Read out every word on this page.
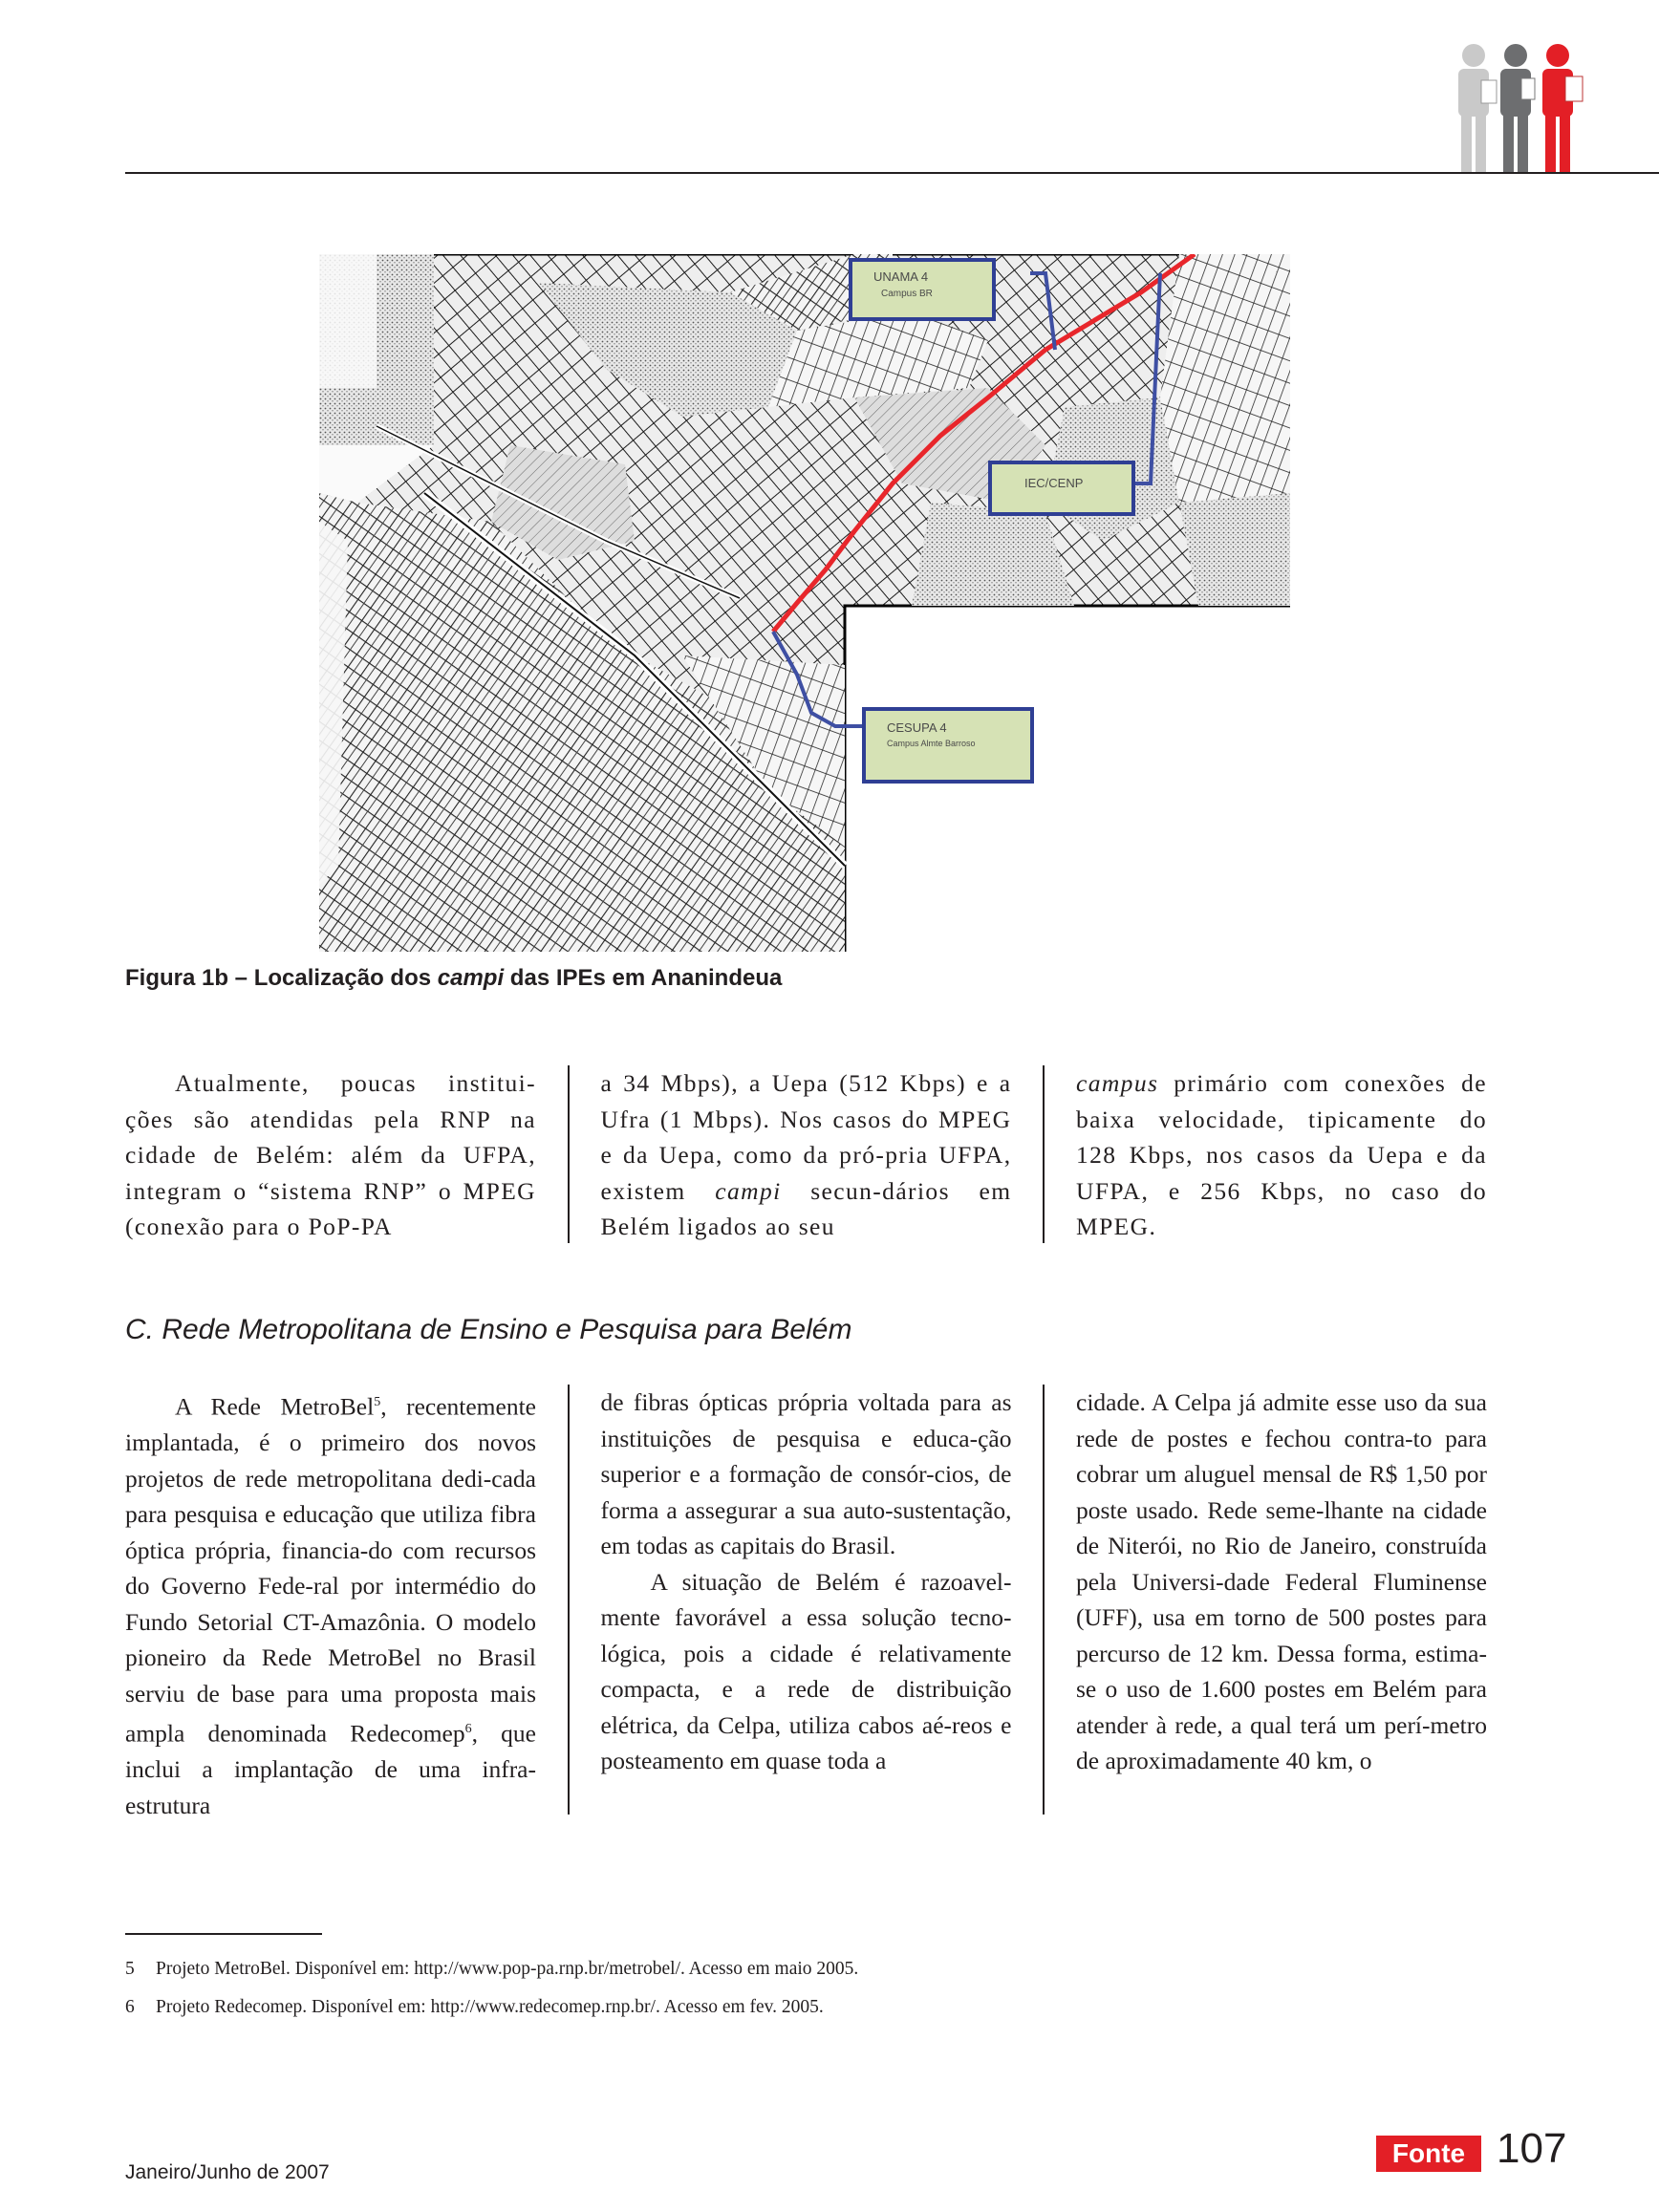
UNAMA 4
Campus BR
IEC/CENP
CESUPA 4
Campus Almte Barroso
Figura 1b – Localização dos campi das IPEs em Ananindeua

Atualmente, poucas institui-ções são atendidas pela RNP na cidade de Belém: além da UFPA, integram o “sistema RNP” o MPEG (conexão para o PoP-PA

a 34 Mbps), a Uepa (512 Kbps) e a Ufra (1 Mbps). Nos casos do MPEG e da Uepa, como da pró-pria UFPA, existem campi secun-dários em Belém ligados ao seu

campus primário com conexões de baixa velocidade, tipicamente do 128 Kbps, nos casos da Uepa e da UFPA, e 256 Kbps, no caso do MPEG.

C. Rede Metropolitana de Ensino e Pesquisa para Belém

A Rede MetroBel$^5$, recentemente implantada, é o primeiro dos novos projetos de rede metropolitana dedi-cada para pesquisa e educação que utiliza fibra óptica própria, financia-do com recursos do Governo Fede-ral por intermédio do Fundo Setorial CT-Amazônia. O modelo pioneiro da Rede MetroBel no Brasil serviu de base para uma proposta mais ampla denominada Redecomep$^6$, que inclui a implantação de uma infra-estrutura

de fibras ópticas própria voltada para as instituições de pesquisa e educa-ção superior e a formação de consór-cios, de forma a assegurar a sua auto-sustentação, em todas as capitais do Brasil.

A situação de Belém é razoavel-mente favorável a essa solução tecno-lógica, pois a cidade é relativamente compacta, e a rede de distribuição elétrica, da Celpa, utiliza cabos aé-reos e posteamento em quase toda a

cidade. A Celpa já admite esse uso da sua rede de postes e fechou contra-to para cobrar um aluguel mensal de R$ 1,50 por poste usado. Rede seme-lhante na cidade de Niterói, no Rio de Janeiro, construída pela Universi-dade Federal Fluminense (UFF), usa em torno de 500 postes para percurso de 12 km. Dessa forma, estima-se o uso de 1.600 postes em Belém para atender à rede, a qual terá um perí-metro de aproximadamente 40 km, o

5 Projeto MetroBel. Disponível em: http://www.pop-pa.rnp.br/metrobel/. Acesso em maio 2005.
6 Projeto Redecomep. Disponível em: http://www.redecomep.rnp.br/. Acesso em fev. 2005.
Janeiro/Junho de 2007
Fonte 107
